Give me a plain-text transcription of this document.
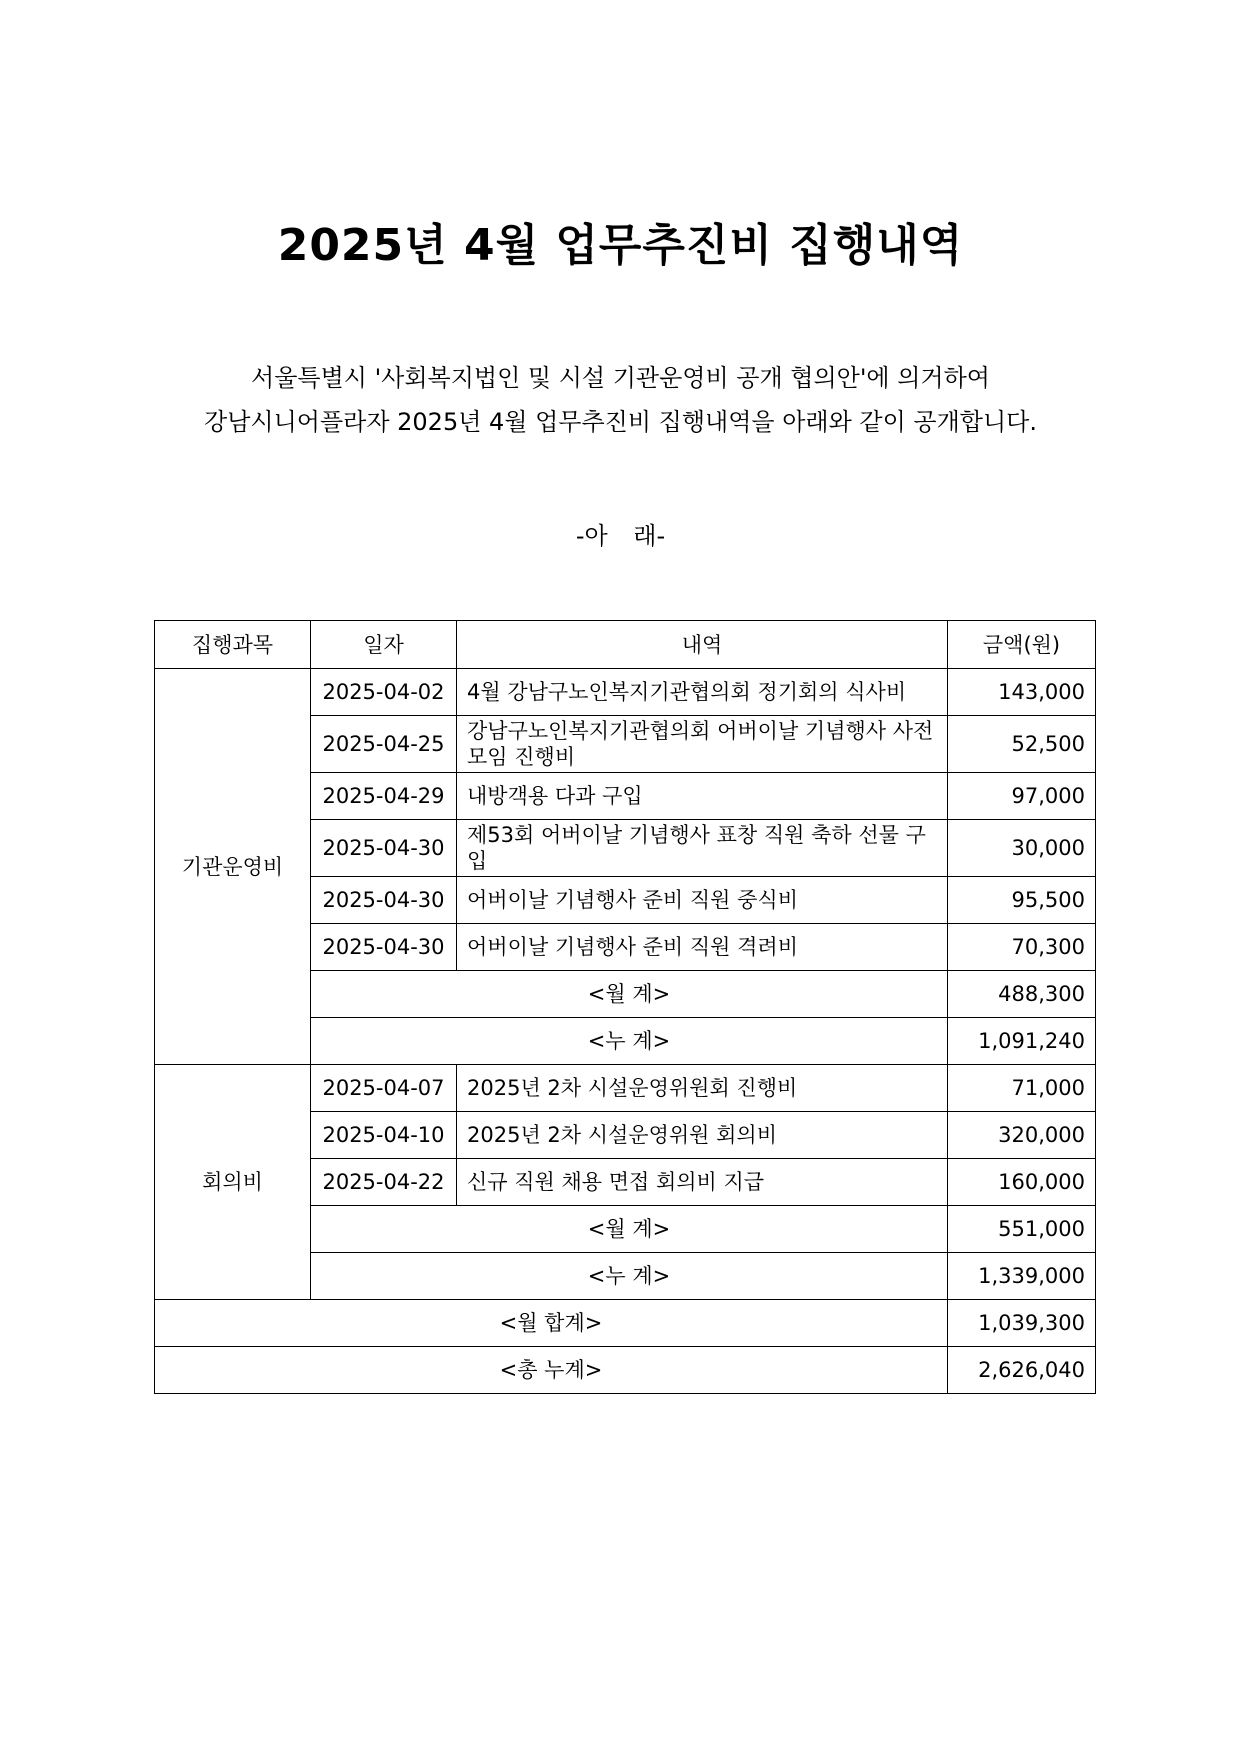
2025년 4월 업무추진비 집행내역
서울특별시 '사회복지법인 및 시설 기관운영비 공개 협의안'에 의거하여
강남시니어플라자 2025년 4월 업무추진비 집행내역을 아래와 같이 공개합니다.
-아 래-
집행과목	일자	내역	금액(원)
기관운영비	2025-04-02	4월 강남구노인복지기관협의회 정기회의 식사비	143,000
	2025-04-25	강남구노인복지기관협의회 어버이날 기념행사 사전 모임 진행비	52,500
	2025-04-29	내방객용 다과 구입	97,000
	2025-04-30	제53회 어버이날 기념행사 표창 직원 축하 선물 구입	30,000
	2025-04-30	어버이날 기념행사 준비 직원 중식비	95,500
	2025-04-30	어버이날 기념행사 준비 직원 격려비	70,300
	<월 계>		488,300
	<누 계>		1,091,240
회의비	2025-04-07	2025년 2차 시설운영위원회 진행비	71,000
	2025-04-10	2025년 2차 시설운영위원 회의비	320,000
	2025-04-22	신규 직원 채용 면접 회의비 지급	160,000
	<월 계>		551,000
	<누 계>		1,339,000
<월 합계>			1,039,300
<총 누계>			2,626,040
